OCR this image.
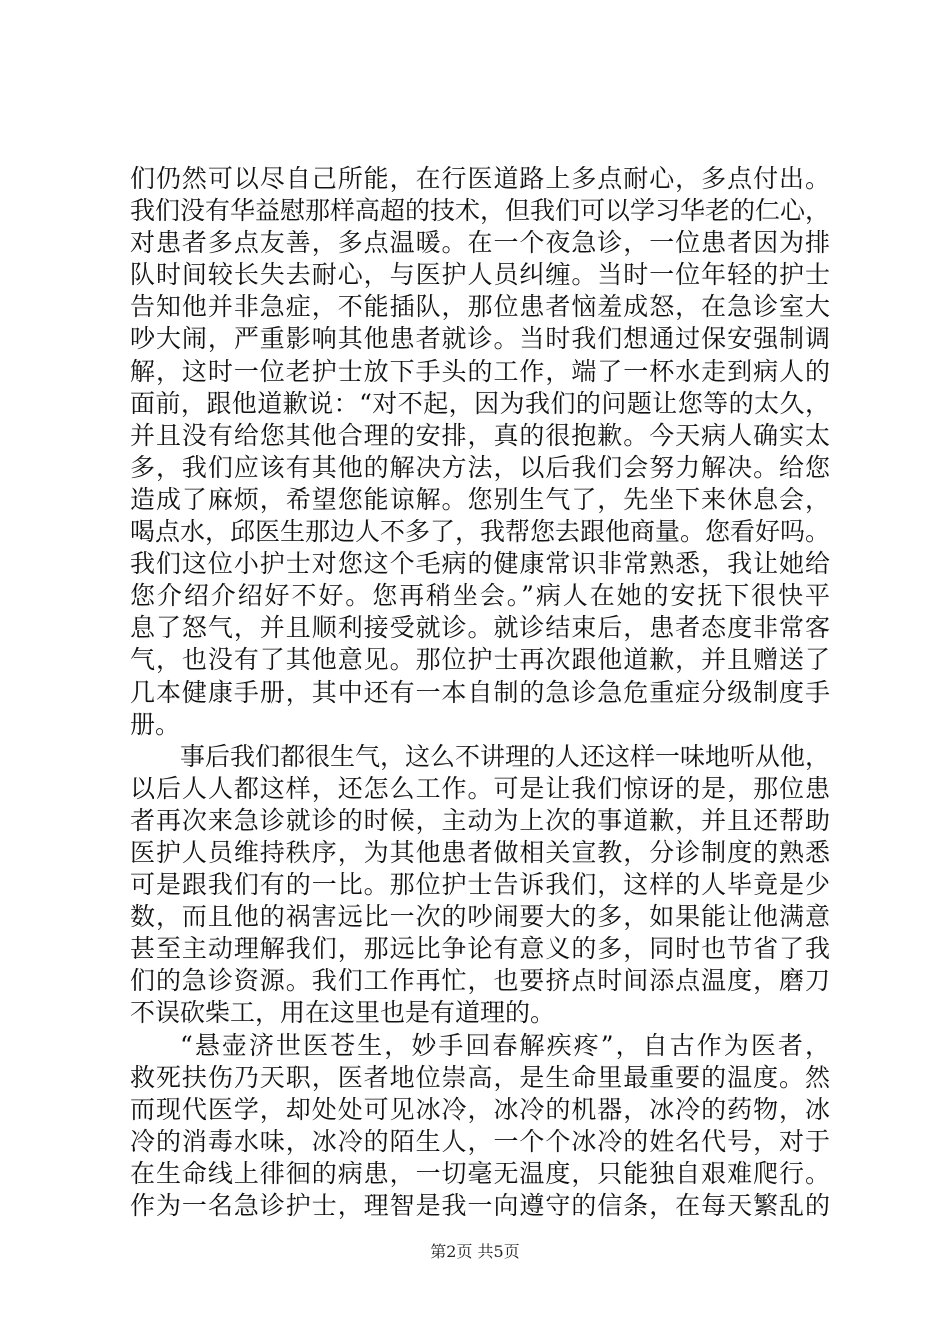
们仍然可以尽自己所能，在行医道路上多点耐心，多点付出。
我们没有华益慰那样高超的技术，但我们可以学习华老的仁心，
对患者多点友善，多点温暖。在一个夜急诊，一位患者因为排
队时间较长失去耐心，与医护人员纠缠。当时一位年轻的护士
告知他并非急症，不能插队，那位患者恼羞成怒，在急诊室大
吵大闹，严重影响其他患者就诊。当时我们想通过保安强制调
解，这时一位老护士放下手头的工作，端了一杯水走到病人的
面前，跟他道歉说：“对不起，因为我们的问题让您等的太久，
并且没有给您其他合理的安排，真的很抱歉。今天病人确实太
多，我们应该有其他的解决方法，以后我们会努力解决。给您
造成了麻烦，希望您能谅解。您别生气了，先坐下来休息会，
喝点水，邱医生那边人不多了，我帮您去跟他商量。您看好吗。
我们这位小护士对您这个毛病的健康常识非常熟悉，我让她给
您介绍介绍好不好。您再稍坐会。”病人在她的安抚下很快平
息了怒气，并且顺利接受就诊。就诊结束后，患者态度非常客
气，也没有了其他意见。那位护士再次跟他道歉，并且赠送了
几本健康手册，其中还有一本自制的急诊急危重症分级制度手
册。
事后我们都很生气，这么不讲理的人还这样一味地听从他，
以后人人都这样，还怎么工作。可是让我们惊讶的是，那位患
者再次来急诊就诊的时候，主动为上次的事道歉，并且还帮助
医护人员维持秩序，为其他患者做相关宣教，分诊制度的熟悉
可是跟我们有的一比。那位护士告诉我们，这样的人毕竟是少
数，而且他的祸害远比一次的吵闹要大的多，如果能让他满意
甚至主动理解我们，那远比争论有意义的多，同时也节省了我
们的急诊资源。我们工作再忙，也要挤点时间添点温度，磨刀
不误砍柴工，用在这里也是有道理的。
“悬壶济世医苍生，妙手回春解疾疼”，自古作为医者，
救死扶伤乃天职，医者地位崇高，是生命里最重要的温度。然
而现代医学，却处处可见冰冷，冰冷的机器，冰冷的药物，冰
冷的消毒水味，冰冷的陌生人，一个个冰冷的姓名代号，对于
在生命线上徘徊的病患，一切毫无温度，只能独自艰难爬行。
作为一名急诊护士，理智是我一向遵守的信条，在每天繁乱的
第2页 共5页
